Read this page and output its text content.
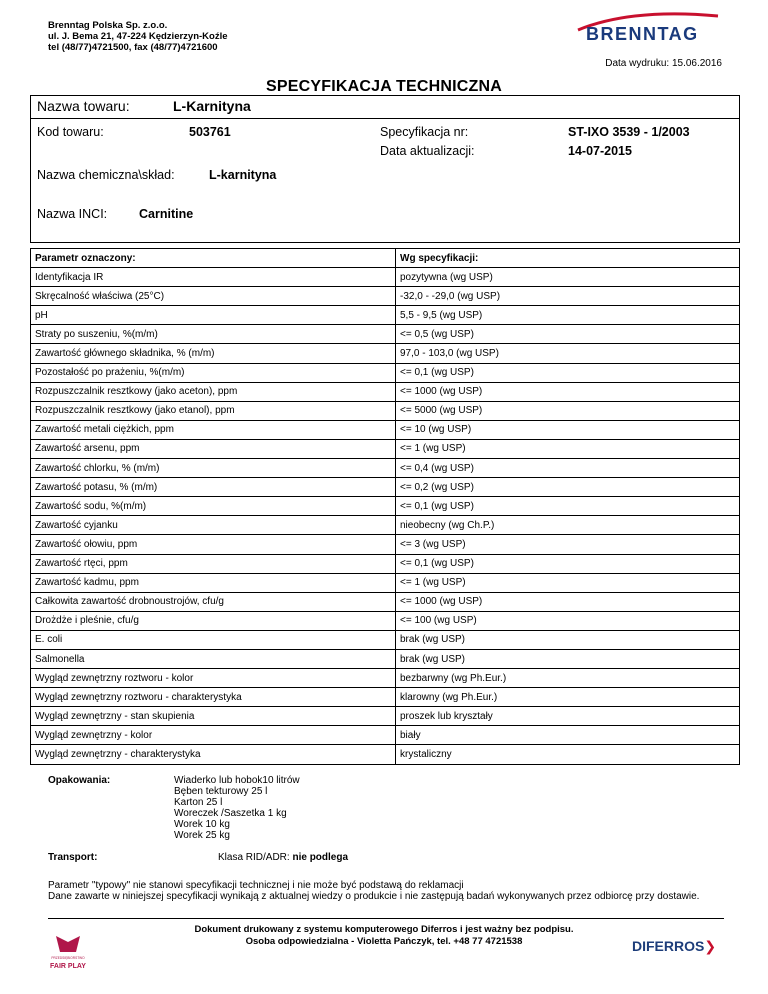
Brenntag Polska Sp. z.o.o.
ul. J. Bema 21, 47-224 Kędzierzyn-Koźle
tel (48/77)4721500, fax (48/77)4721600
BRENNTAG
Data wydruku: 15.06.2016
SPECYFIKACJA TECHNICZNA
Nazwa towaru:	L-Karnityna
Kod towaru:	503761	Specyfikacja nr:	ST-IXO 3539 - 1/2003
Data aktualizacji:	14-07-2015
Nazwa chemiczna\skład:	L-karnityna
Nazwa INCI:	Carnitine
Parametr oznaczony:	Wg specyfikacji:
Identyfikacja IR	pozytywna (wg USP)
Skręcalność właściwa (25°C)	-32,0 - -29,0 (wg USP)
pH	5,5 - 9,5 (wg USP)
Straty po suszeniu, %(m/m)	<= 0,5 (wg USP)
Zawartość głównego składnika, % (m/m)	97,0 - 103,0 (wg USP)
Pozostałość po prażeniu, %(m/m)	<= 0,1 (wg USP)
Rozpuszczalnik resztkowy (jako aceton), ppm	<= 1000 (wg USP)
Rozpuszczalnik resztkowy (jako etanol), ppm	<= 5000 (wg USP)
Zawartość metali ciężkich, ppm	<= 10 (wg USP)
Zawartość arsenu, ppm	<= 1 (wg USP)
Zawartość chlorku, % (m/m)	<= 0,4 (wg USP)
Zawartość potasu, % (m/m)	<= 0,2 (wg USP)
Zawartość sodu, %(m/m)	<= 0,1 (wg USP)
Zawartość cyjanku	nieobecny (wg Ch.P.)
Zawartość ołowiu, ppm	<= 3 (wg USP)
Zawartość rtęci, ppm	<= 0,1 (wg USP)
Zawartość kadmu, ppm	<= 1 (wg USP)
Całkowita zawartość drobnoustrojów, cfu/g	<= 1000 (wg USP)
Drożdże i pleśnie, cfu/g	<= 100 (wg USP)
E. coli	brak (wg USP)
Salmonella	brak (wg USP)
Wygląd zewnętrzny roztworu - kolor	bezbarwny (wg Ph.Eur.)
Wygląd zewnętrzny roztworu - charakterystyka	klarowny (wg Ph.Eur.)
Wygląd zewnętrzny - stan skupienia	proszek lub kryształy
Wygląd zewnętrzny - kolor	biały
Wygląd zewnętrzny - charakterystyka	krystaliczny
Opakowania:	Wiaderko lub hobok10 litrów
Bęben tekturowy 25 l
Karton 25 l
Woreczek /Saszetka 1 kg
Worek 10 kg
Worek 25 kg
Transport:	Klasa RID/ADR: nie podlega
Parametr "typowy" nie stanowi specyfikacji technicznej i nie może być podstawą do reklamacji
Dane zawarte w niniejszej specyfikacji wynikają z aktualnej wiedzy o produkcie i nie zastępują badań wykonywanych przez odbiorcę przy dostawie.
Dokument drukowany z systemu komputerowego Diferros i jest ważny bez podpisu.
Osoba odpowiedzialna - Violetta Pańczyk, tel. +48 77 4721538
PRZEDSIĘBIORSTWO
FAIR PLAY
DIFERROS❯
